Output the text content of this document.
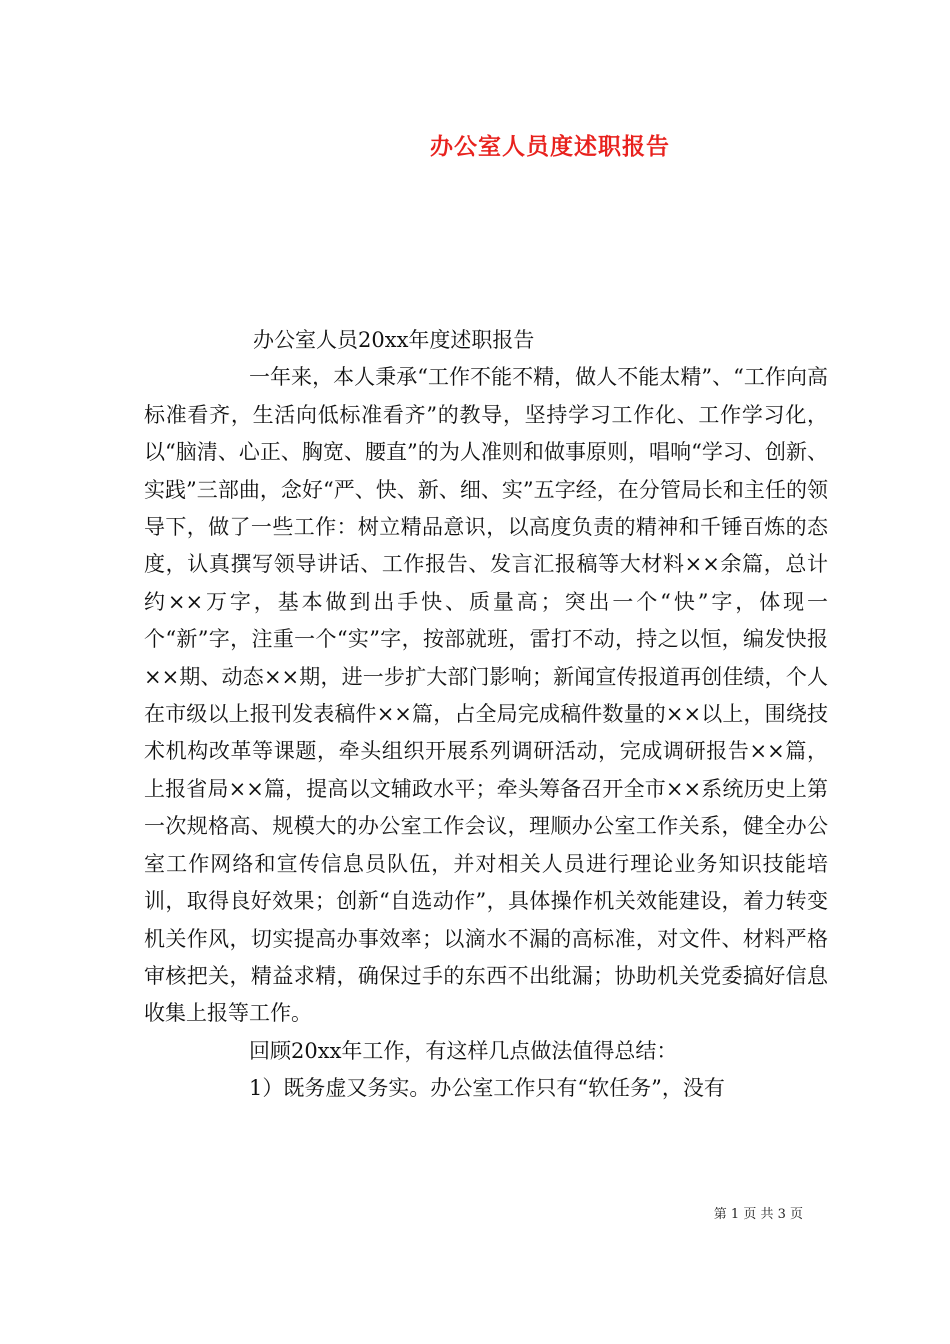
办公室人员度述职报告

办公室人员20xx年度述职报告

一年来，本人秉承“工作不能不精，做人不能太精”、“工作向高标准看齐，生活向低标准看齐”的教导，坚持学习工作化、工作学习化，以“脑清、心正、胸宽、腰直”的为人准则和做事原则，唱响“学习、创新、实践”三部曲，念好“严、快、新、细、实”五字经，在分管局长和主任的领导下，做了一些工作：树立精品意识，以高度负责的精神和千锤百炼的态度，认真撰写领导讲话、工作报告、发言汇报稿等大材料××余篇，总计约××万字，基本做到出手快、质量高；突出一个“快”字，体现一个“新”字，注重一个“实”字，按部就班，雷打不动，持之以恒，编发快报××期、动态××期，进一步扩大部门影响；新闻宣传报道再创佳绩，个人在市级以上报刊发表稿件××篇，占全局完成稿件数量的××以上，围绕技术机构改革等课题，牵头组织开展系列调研活动，完成调研报告××篇，上报省局××篇，提高以文辅政水平；牵头筹备召开全市××系统历史上第一次规格高、规模大的办公室工作会议，理顺办公室工作关系，健全办公室工作网络和宣传信息员队伍，并对相关人员进行理论业务知识技能培训，取得良好效果；创新“自选动作”，具体操作机关效能建设，着力转变机关作风，切实提高办事效率；以滴水不漏的高标准，对文件、材料严格审核把关，精益求精，确保过手的东西不出纰漏；协助机关党委搞好信息收集上报等工作。

回顾20xx年工作，有这样几点做法值得总结：

1）既务虚又务实。办公室工作只有“软任务”，没有

第 1 页 共 3 页
